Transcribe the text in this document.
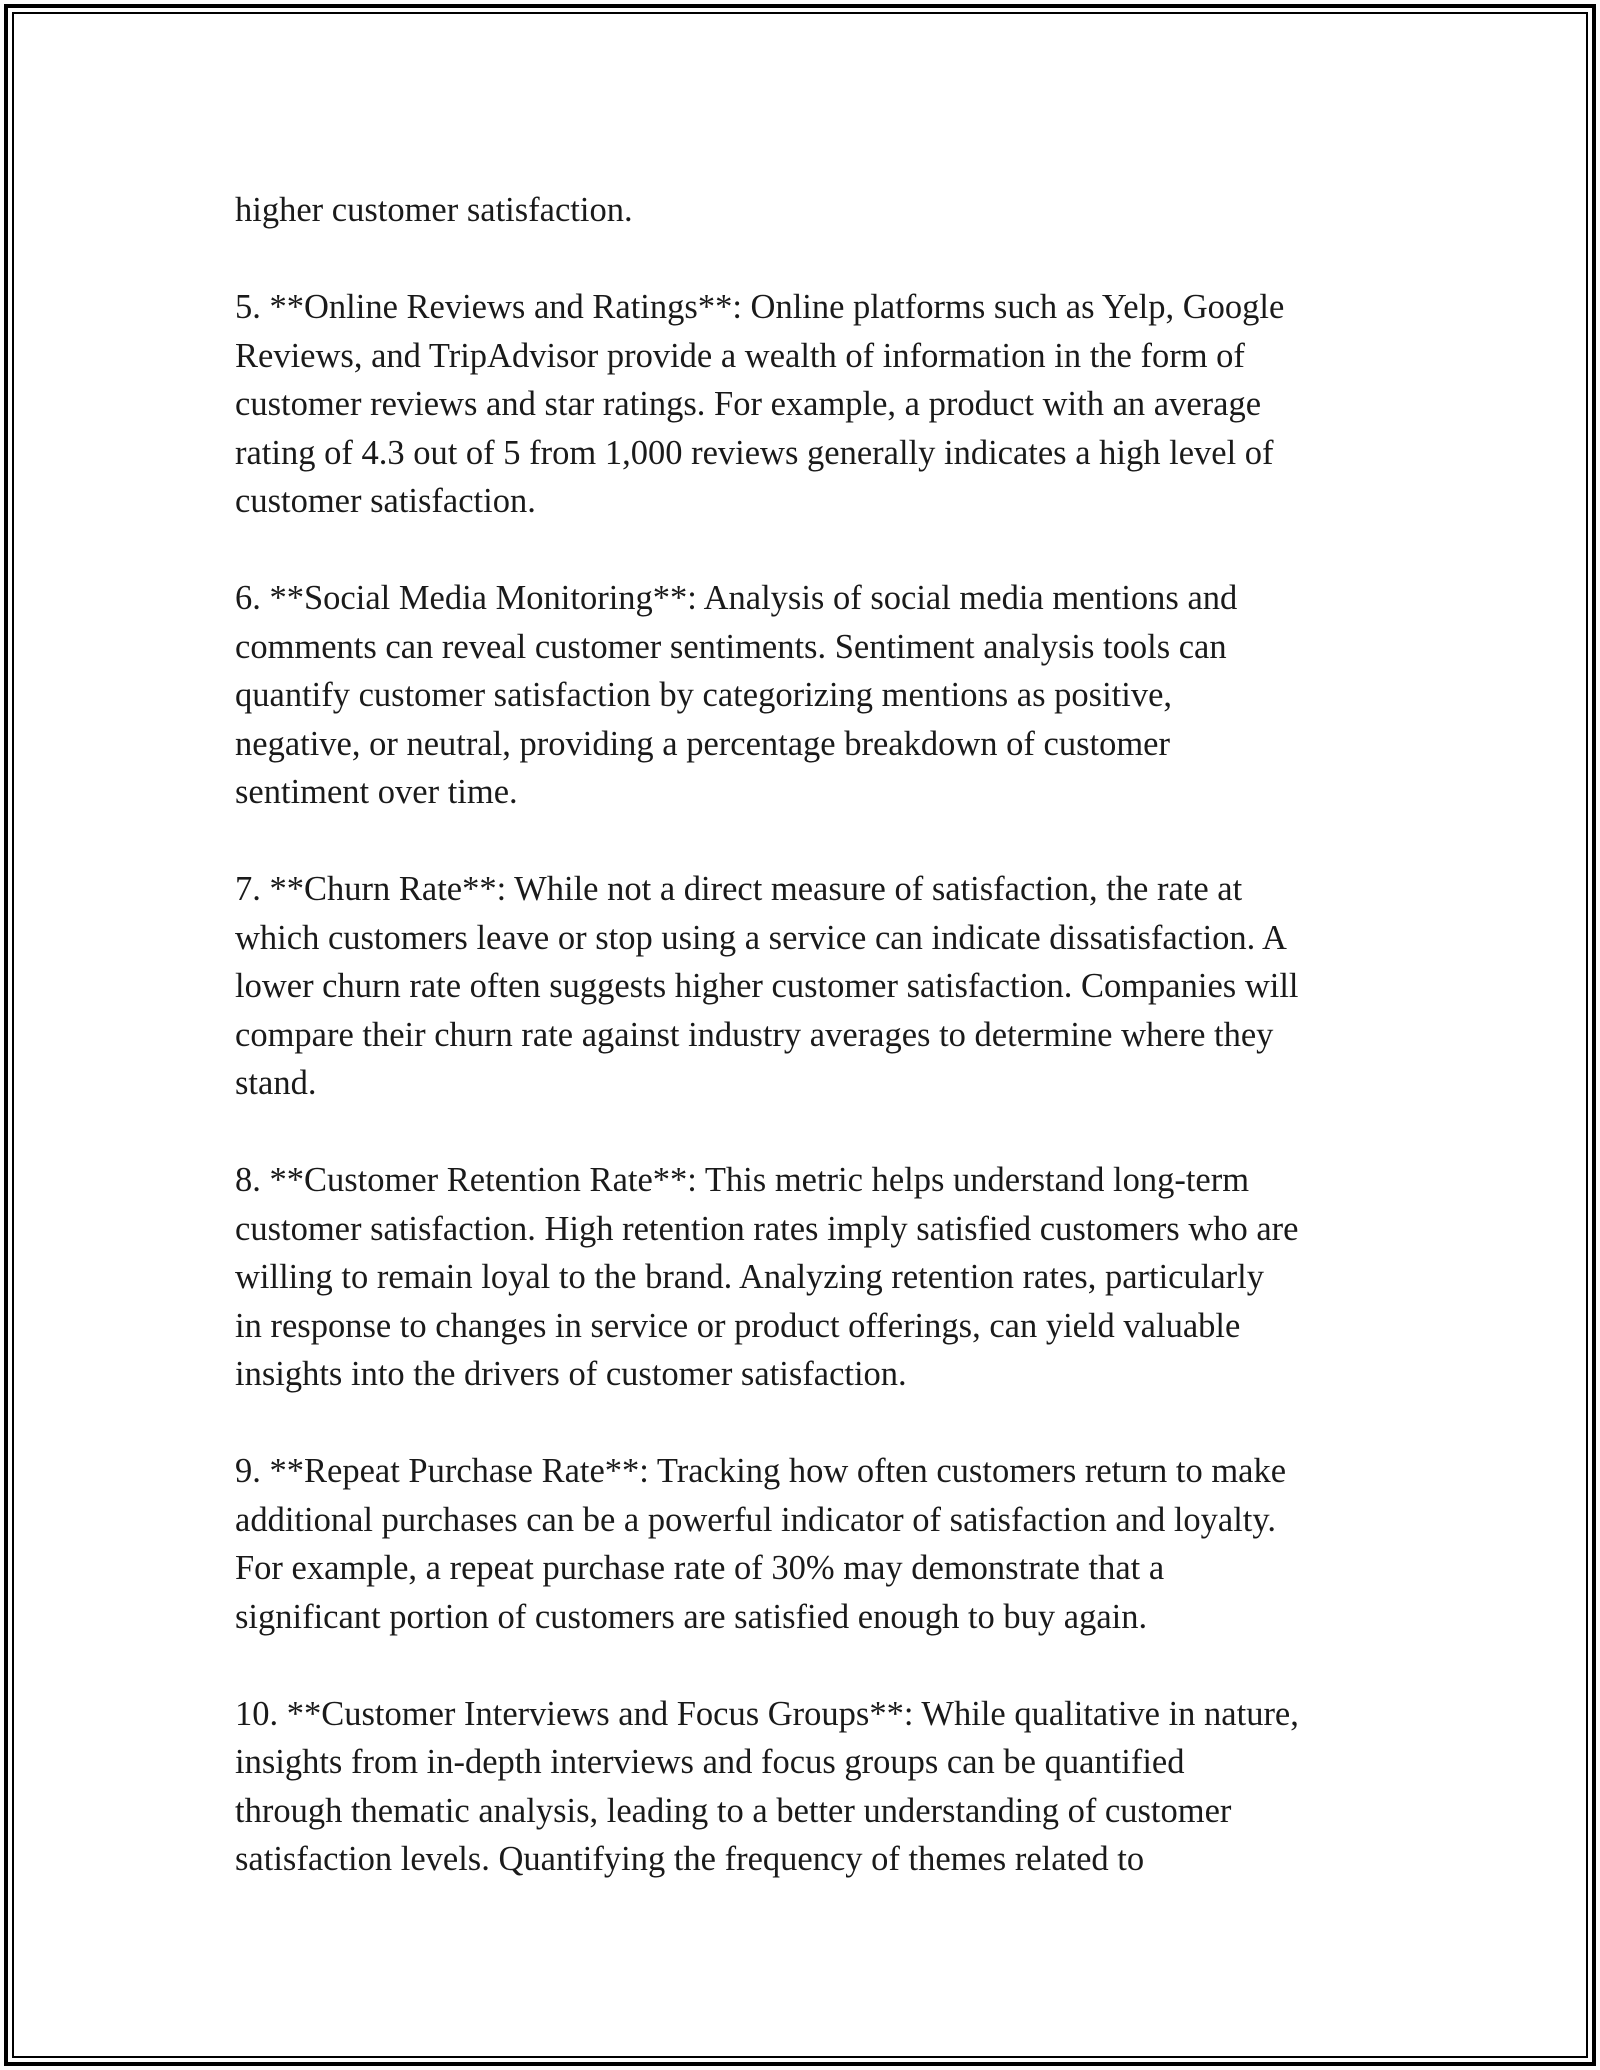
higher customer satisfaction.

5. **Online Reviews and Ratings**: Online platforms such as Yelp, Google
Reviews, and TripAdvisor provide a wealth of information in the form of
customer reviews and star ratings. For example, a product with an average
rating of 4.3 out of 5 from 1,000 reviews generally indicates a high level of
customer satisfaction.

6. **Social Media Monitoring**: Analysis of social media mentions and
comments can reveal customer sentiments. Sentiment analysis tools can
quantify customer satisfaction by categorizing mentions as positive,
negative, or neutral, providing a percentage breakdown of customer
sentiment over time.

7. **Churn Rate**: While not a direct measure of satisfaction, the rate at
which customers leave or stop using a service can indicate dissatisfaction. A
lower churn rate often suggests higher customer satisfaction. Companies will
compare their churn rate against industry averages to determine where they
stand.

8. **Customer Retention Rate**: This metric helps understand long-term
customer satisfaction. High retention rates imply satisfied customers who are
willing to remain loyal to the brand. Analyzing retention rates, particularly
in response to changes in service or product offerings, can yield valuable
insights into the drivers of customer satisfaction.

9. **Repeat Purchase Rate**: Tracking how often customers return to make
additional purchases can be a powerful indicator of satisfaction and loyalty.
For example, a repeat purchase rate of 30% may demonstrate that a
significant portion of customers are satisfied enough to buy again.

10. **Customer Interviews and Focus Groups**: While qualitative in nature,
insights from in-depth interviews and focus groups can be quantified
through thematic analysis, leading to a better understanding of customer
satisfaction levels. Quantifying the frequency of themes related to
